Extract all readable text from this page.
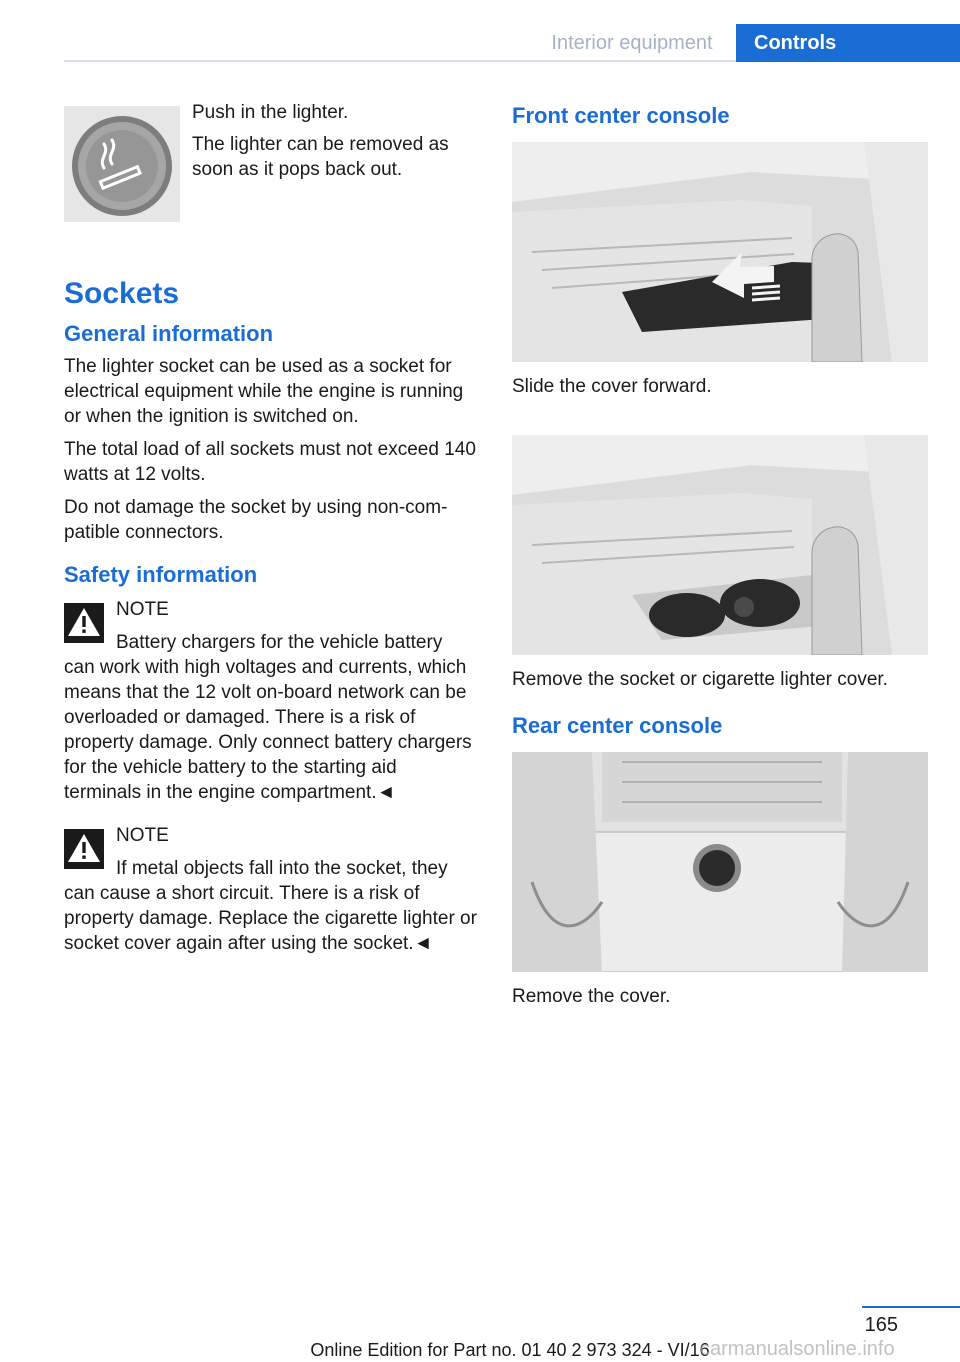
Interior equipment	Controls

Push in the lighter.

The lighter can be removed as soon as it pops back out.

Sockets
General information

The lighter socket can be used as a socket for electrical equipment while the engine is running or when the ignition is switched on.

The total load of all sockets must not exceed 140 watts at 12 volts.

Do not damage the socket by using non-compatible connectors.

Safety information
NOTE
Battery chargers for the vehicle battery
can work with high voltages and currents, which means that the 12 volt on-board network can be overloaded or damaged. There is a risk of property damage. Only connect battery chargers for the vehicle battery to the starting aid terminals in the engine compartment.◄
NOTE
If metal objects fall into the socket, they
can cause a short circuit. There is a risk of property damage. Replace the cigarette lighter or socket cover again after using the socket.◄
Front center console

Slide the cover forward.

Remove the socket or cigarette lighter cover.

Rear center console

Remove the cover.

165
Online Edition for Part no. 01 40 2 973 324 - VI/16
carmanualsonline.info
